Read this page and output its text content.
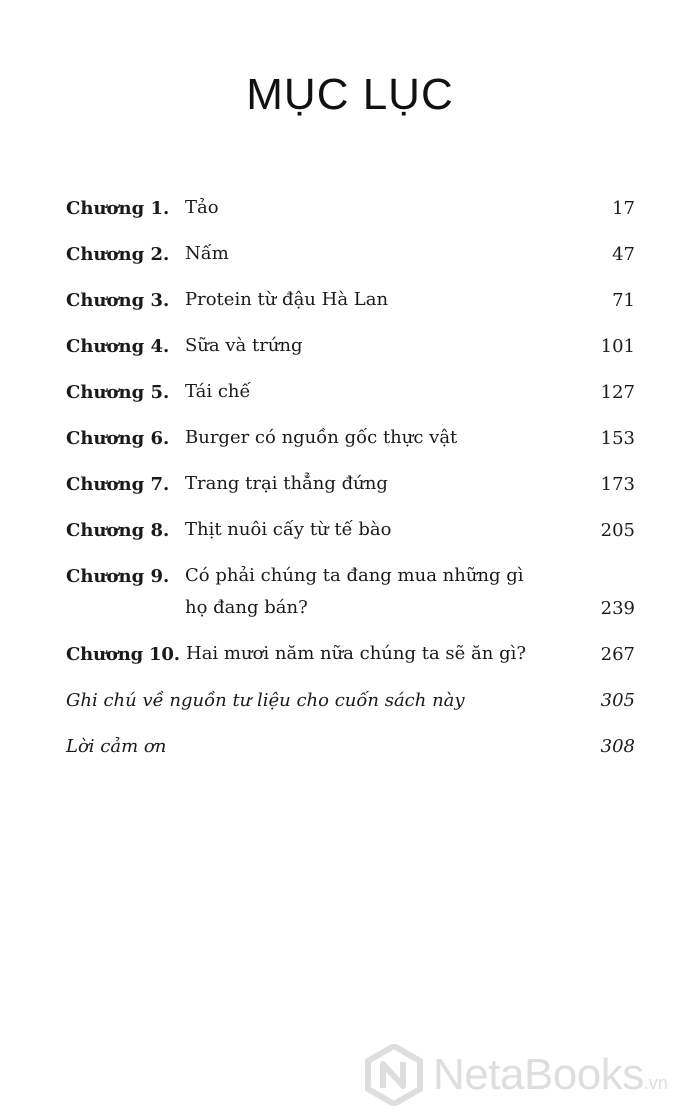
MỤC LỤC
Chương 1. Tảo	17
Chương 2. Nấm	47
Chương 3. Protein từ đậu Hà Lan	71
Chương 4. Sữa và trứng	101
Chương 5. Tái chế	127
Chương 6. Burger có nguồn gốc thực vật	153
Chương 7. Trang trại thẳng đứng	173
Chương 8. Thịt nuôi cấy từ tế bào	205
Chương 9. Có phải chúng ta đang mua những gì
họ đang bán?	239
Chương 10. Hai mươi năm nữa chúng ta sẽ ăn gì?	267
Ghi chú về nguồn tư liệu cho cuốn sách này	305
Lời cảm ơn	308
NetaBooks.vn
